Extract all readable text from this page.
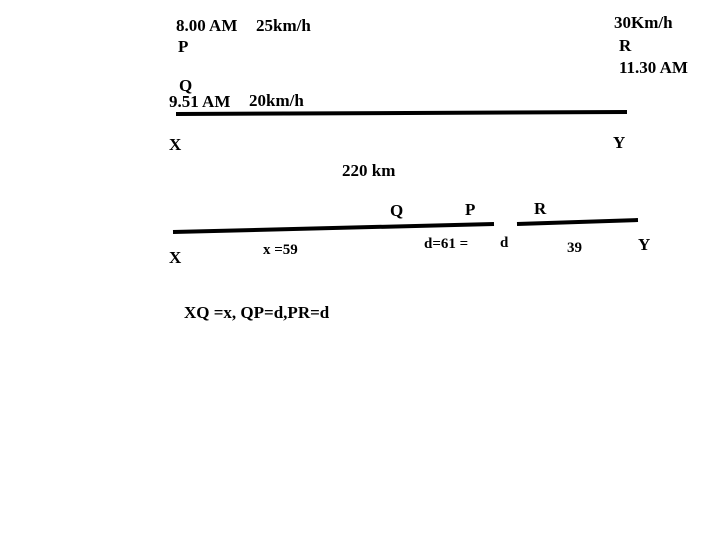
8.00 AM 25km/h
P
30Km/h
R
11.30 AM
Q
9.51 AM 20km/h
X	Y
220 km
Q	P	R
X	x =59	d=61 = d	39	Y
XQ =x, QP=d,PR=d
